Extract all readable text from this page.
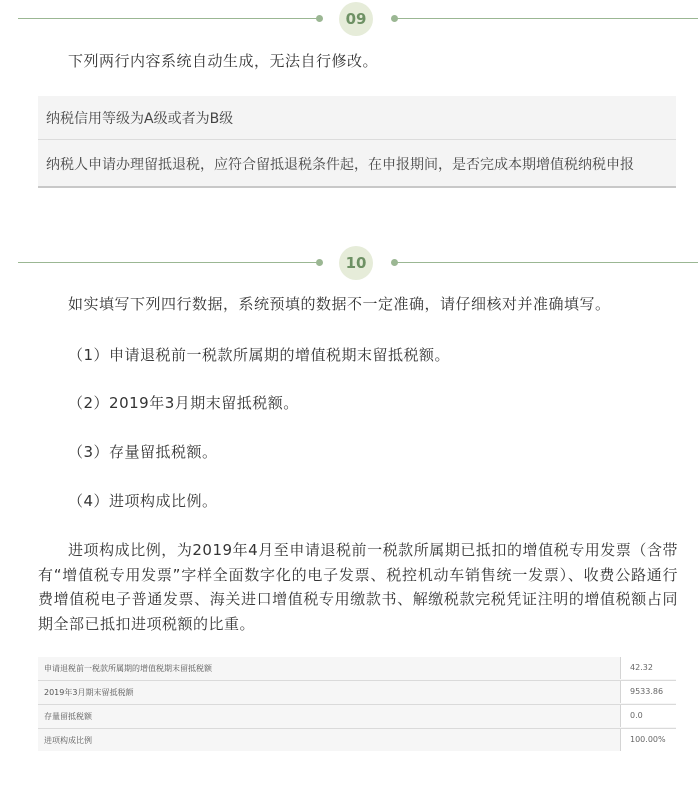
09
下列两行内容系统自动生成，无法自行修改。
纳税信用等级为A级或者为B级
纳税人申请办理留抵退税，应符合留抵退税条件起，在申报期间，是否完成本期增值税纳税申报
10
如实填写下列四行数据，系统预填的数据不一定准确，请仔细核对并准确填写。
（1）申请退税前一税款所属期的增值税期末留抵税额。
（2）2019年3月期末留抵税额。
（3）存量留抵税额。
（4）进项构成比例。
进项构成比例，为2019年4月至申请退税前一税款所属期已抵扣的增值税专用发票（含带有“增值税专用发票”字样全面数字化的电子发票、税控机动车销售统一发票）、收费公路通行费增值税电子普通发票、海关进口增值税专用缴款书、解缴税款完税凭证注明的增值税额占同期全部已抵扣进项税额的比重。
申请退税前一税款所属期的增值税期末留抵税额	42.32
2019年3月期末留抵税额	9533.86
存量留抵税额	0.0
进项构成比例	100.00%
